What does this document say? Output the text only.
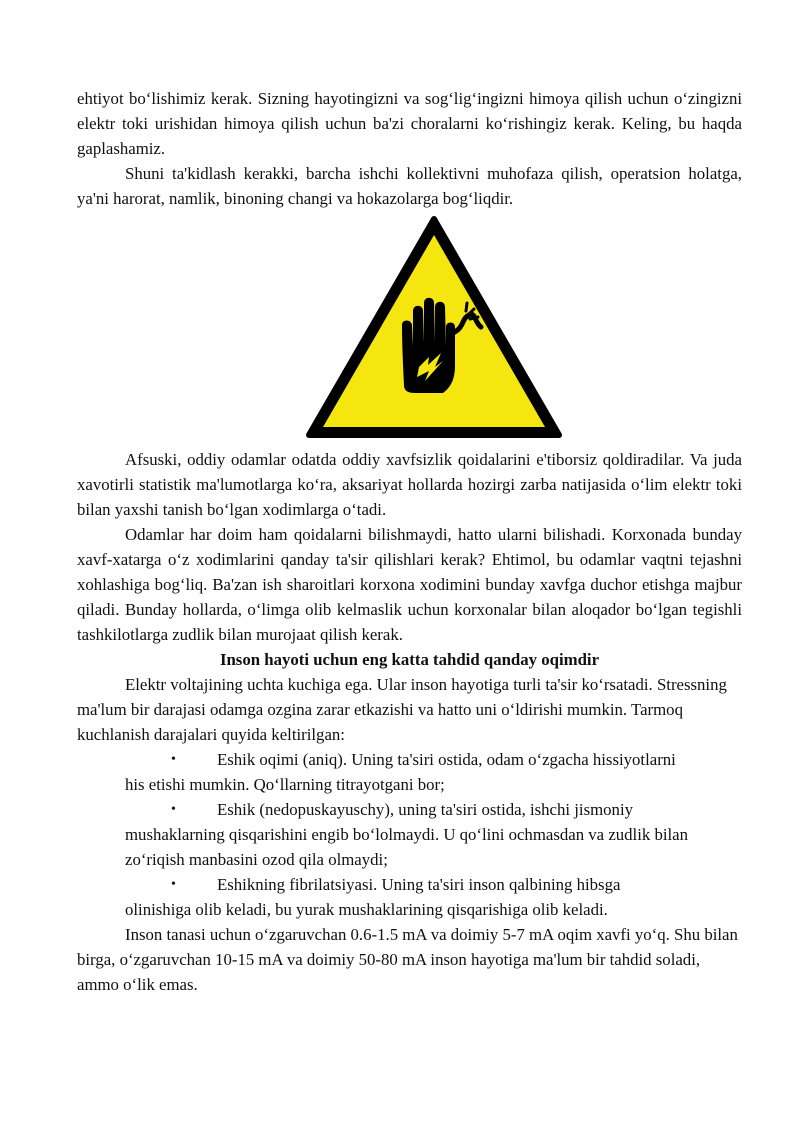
ehtiyot bo‘lishimiz kerak. Sizning hayotingizni va sog‘lig‘ingizni himoya qilish uchun o‘zingizni elektr toki urishidan himoya qilish uchun ba'zi choralarni ko‘rishingiz kerak. Keling, bu haqda gaplashamiz.

Shuni ta'kidlash kerakki, barcha ishchi kollektivni muhofaza qilish, operatsion holatga, ya'ni harorat, namlik, binoning changi va hokazolarga bog‘liqdir.

Afsuski, oddiy odamlar odatda oddiy xavfsizlik qoidalarini e'tiborsiz qoldiradilar. Va juda xavotirli statistik ma'lumotlarga ko‘ra, aksariyat hollarda hozirgi zarba natijasida o‘lim elektr toki bilan yaxshi tanish bo‘lgan xodimlarga o‘tadi.

Odamlar har doim ham qoidalarni bilishmaydi, hatto ularni bilishadi. Korxonada bunday xavf-xatarga o‘z xodimlarini qanday ta'sir qilishlari kerak? Ehtimol, bu odamlar vaqtni tejashni xohlashiga bog‘liq. Ba'zan ish sharoitlari korxona xodimini bunday xavfga duchor etishga majbur qiladi. Bunday hollarda, o‘limga olib kelmaslik uchun korxonalar bilan aloqador bo‘lgan tegishli tashkilotlarga zudlik bilan murojaat qilish kerak.

Inson hayoti uchun eng katta tahdid qanday oqimdir

Elektr voltajining uchta kuchiga ega. Ular inson hayotiga turli ta'sir ko‘rsatadi. Stressning ma'lum bir darajasi odamga ozgina zarar etkazishi va hatto uni o‘ldirishi mumkin. Tarmoq kuchlanish darajalari quyida keltirilgan:

• Eshik oqimi (aniq). Uning ta'siri ostida, odam o‘zgacha hissiyotlarni
his etishi mumkin. Qo‘llarning titrayotgani bor;
• Eshik (nedopuskayuschy), uning ta'siri ostida, ishchi jismoniy
mushaklarning qisqarishini engib bo‘lolmaydi. U qo‘lini ochmasdan va zudlik bilan zo‘riqish manbasini ozod qila olmaydi;
• Eshikning fibrilatsiyasi. Uning ta'siri inson qalbining hibsga
olinishiga olib keladi, bu yurak mushaklarining qisqarishiga olib keladi.

Inson tanasi uchun o‘zgaruvchan 0.6-1.5 mA va doimiy 5-7 mA oqim xavfi yo‘q. Shu bilan birga, o‘zgaruvchan 10-15 mA va doimiy 50-80 mA inson hayotiga ma'lum bir tahdid soladi, ammo o‘lik emas.
